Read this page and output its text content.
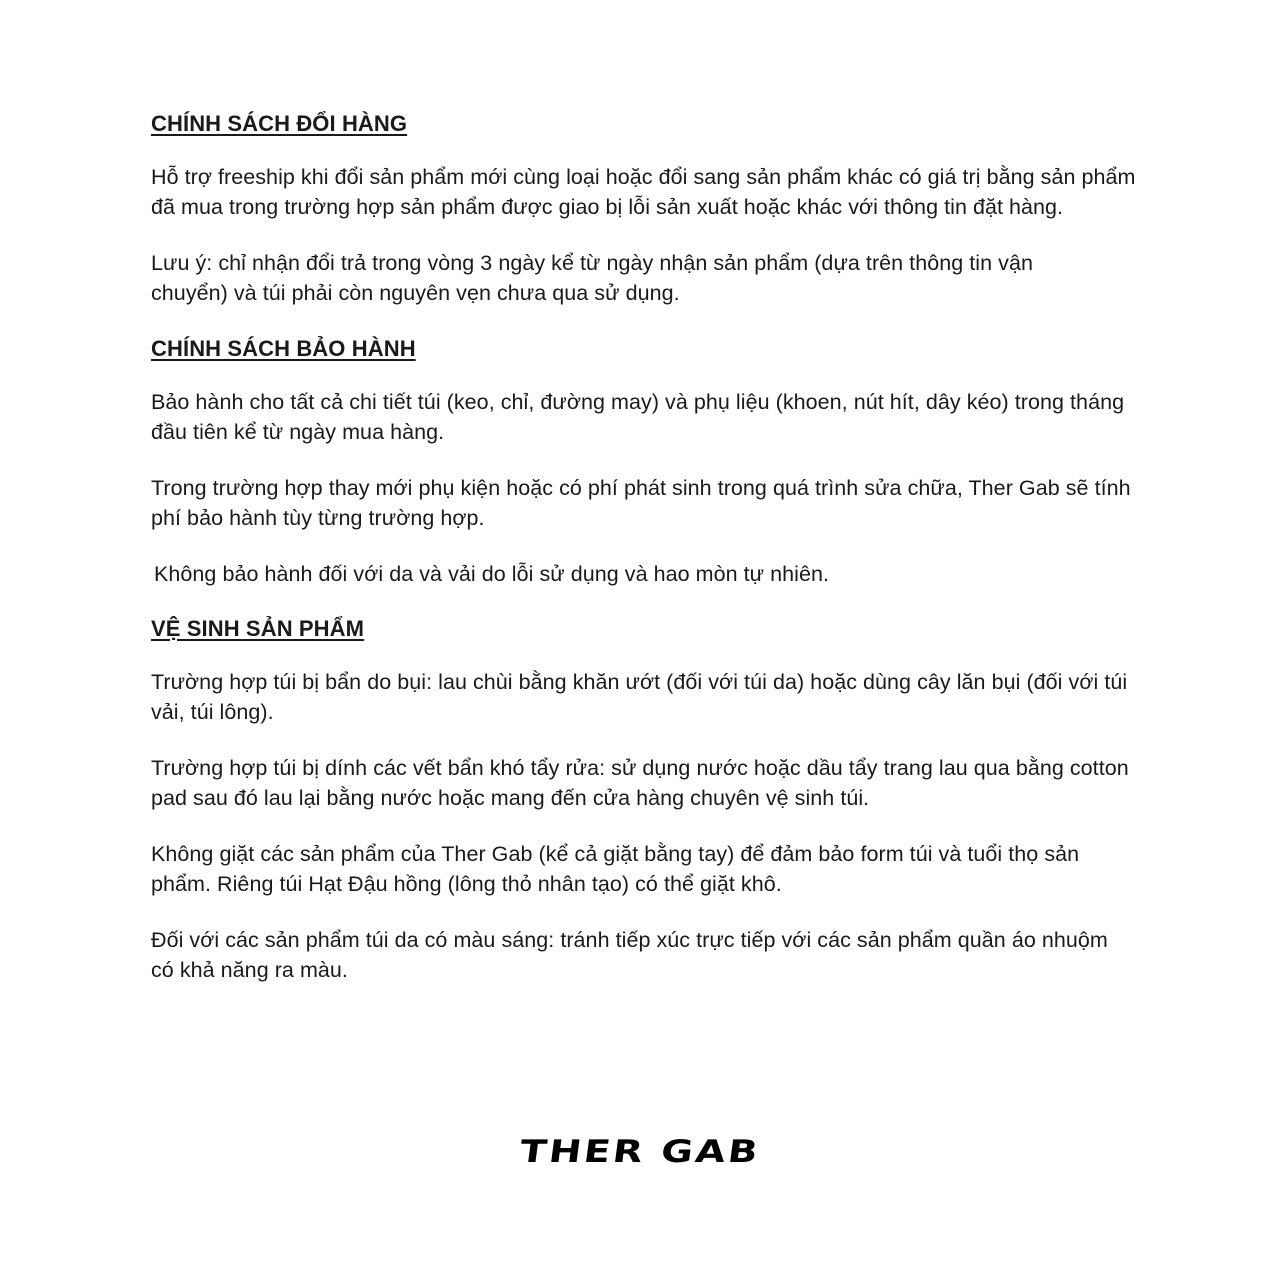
CHÍNH SÁCH ĐỔI HÀNG

Hỗ trợ freeship khi đổi sản phẩm mới cùng loại hoặc đổi sang sản phẩm khác có giá trị bằng sản phẩm đã mua trong trường hợp sản phẩm được giao bị lỗi sản xuất hoặc khác với thông tin đặt hàng.

Lưu ý: chỉ nhận đổi trả trong vòng 3 ngày kể từ ngày nhận sản phẩm (dựa trên thông tin vận chuyển) và túi phải còn nguyên vẹn chưa qua sử dụng.

CHÍNH SÁCH BẢO HÀNH

Bảo hành cho tất cả chi tiết túi (keo, chỉ, đường may) và phụ liệu (khoen, nút hít, dây kéo) trong tháng đầu tiên kể từ ngày mua hàng.

Trong trường hợp thay mới phụ kiện hoặc có phí phát sinh trong quá trình sửa chữa, Ther Gab sẽ tính phí bảo hành tùy từng trường hợp.

Không bảo hành đối với da và vải do lỗi sử dụng và hao mòn tự nhiên.

VỆ SINH SẢN PHẨM

Trường hợp túi bị bẩn do bụi: lau chùi bằng khăn ướt (đối với túi da) hoặc dùng cây lăn bụi (đối với túi vải, túi lông).

Trường hợp túi bị dính các vết bẩn khó tẩy rửa: sử dụng nước hoặc dầu tẩy trang lau qua bằng cotton pad sau đó lau lại bằng nước hoặc mang đến cửa hàng chuyên vệ sinh túi.

Không giặt các sản phẩm của Ther Gab (kể cả giặt bằng tay) để đảm bảo form túi và tuổi thọ sản phẩm. Riêng túi Hạt Đậu hồng (lông thỏ nhân tạo) có thể giặt khô.

Đối với các sản phẩm túi da có màu sáng: tránh tiếp xúc trực tiếp với các sản phẩm quần áo nhuộm có khả năng ra màu.

THER GAB
